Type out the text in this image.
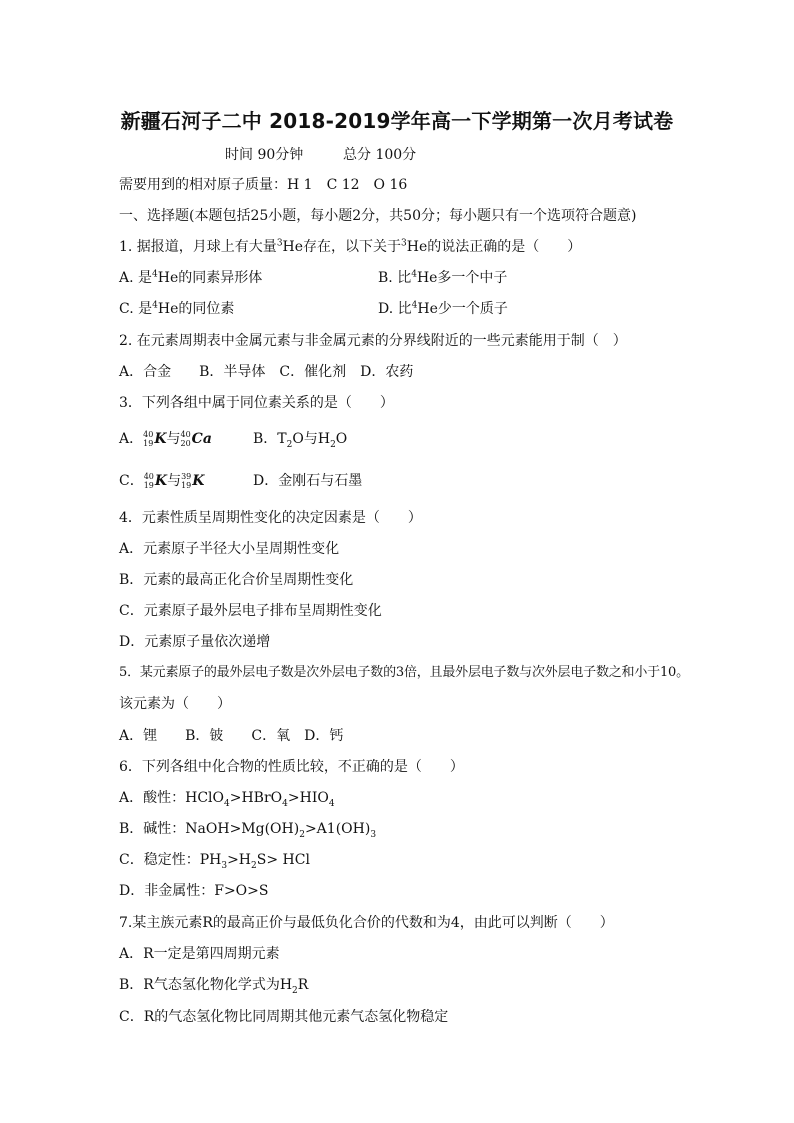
新疆石河子二中 2018-2019学年高一下学期第一次月考试卷
时间 90分钟	总分 100分

需要用到的相对原子质量：H 1　C 12　O 16

一、选择题(本题包括25小题，每小题2分，共50分；每小题只有一个选项符合题意)

1. 据报道，月球上有大量$^3$He存在，以下关于$^3$He的说法正确的是（　　）

A. 是$^4$He的同素异形体	B. 比$^4$He多一个中子

C. 是$^4$He的同位素	D. 比$^4$He少一个质子

2. 在元素周期表中金属元素与非金属元素的分界线附近的一些元素能用于制（　）

A．合金　　B．半导体　C．催化剂　D．农药

3．下列各组中属于同位素关系的是（　　）

A． 40
19 K与 40
20 Ca	B．$T_2O$与$H_2O$

C． 40
19 K与 39
19 K	D．金刚石与石墨

4．元素性质呈周期性变化的决定因素是（　　）

A．元素原子半径大小呈周期性变化

B．元素的最高正化合价呈周期性变化

C．元素原子最外层电子排布呈周期性变化

D．元素原子量依次递增

5．某元素原子的最外层电子数是次外层电子数的3倍，且最外层电子数与次外层电子数之和小于10。

该元素为（　　）

A．锂　　B．铍　　C．氧　D．钙

6．下列各组中化合物的性质比较，不正确的是（　　）

A．酸性：$HClO_4>HBrO_4>HIO_4$

B．碱性：$NaOH>Mg(OH)_2>A1(OH)_3$

C．稳定性：$PH_3>H_2S>$ HCl

D．非金属性：F>O>S

7.某主族元素R的最高正价与最低负化合价的代数和为4，由此可以判断（　　）

A．R一定是第四周期元素

B．R气态氢化物化学式为$H_2R$

C．R的气态氢化物比同周期其他元素气态氢化物稳定
